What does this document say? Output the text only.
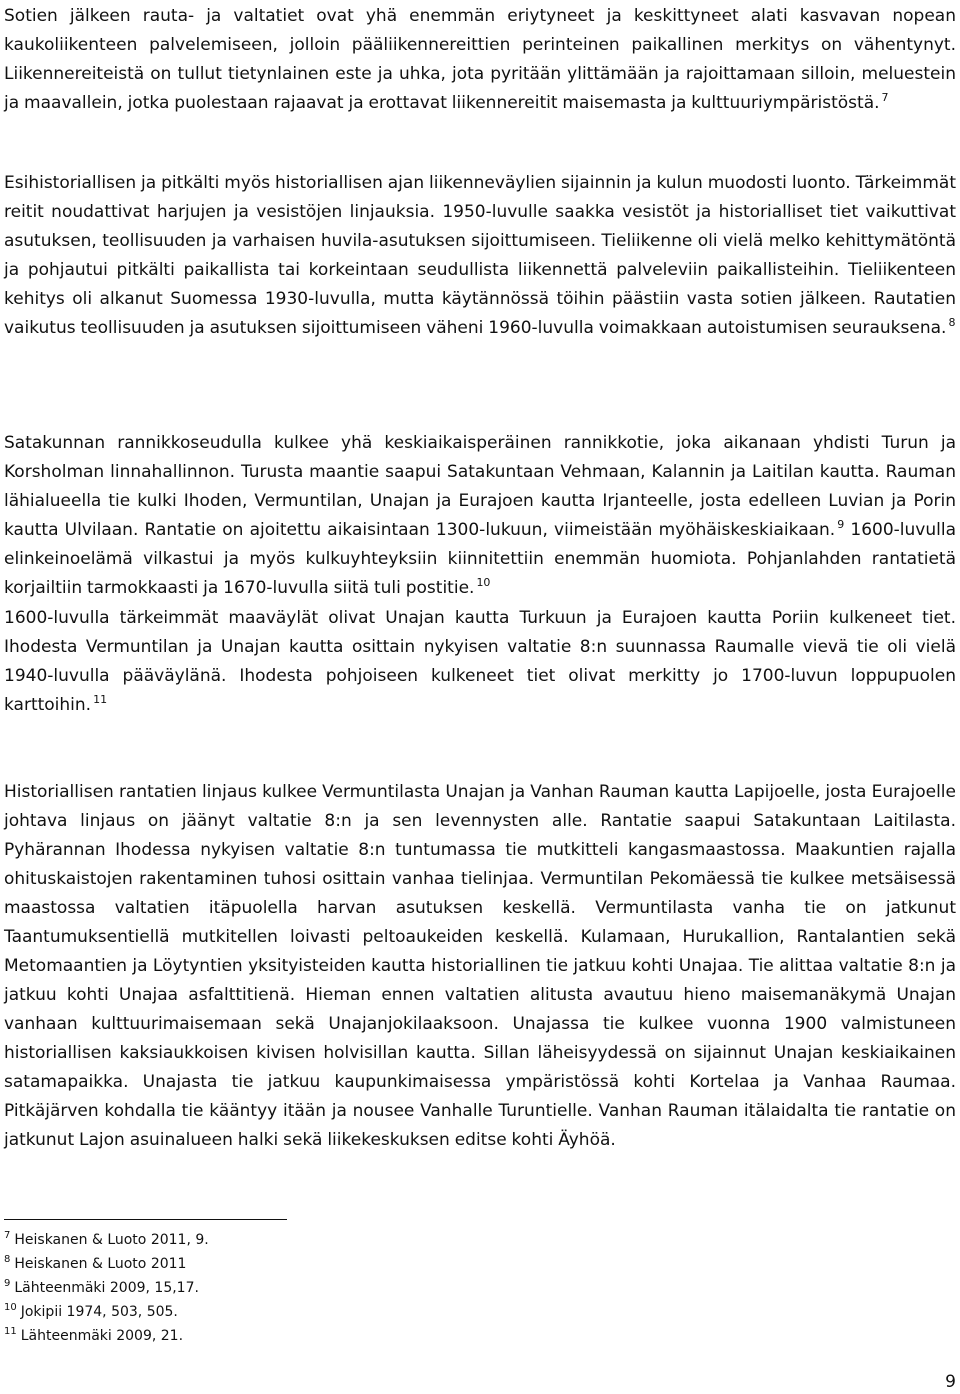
Sotien jälkeen rauta- ja valtatiet ovat yhä enemmän eriytyneet ja keskittyneet alati kasvavan nopean kaukoliikenteen palvelemiseen, jolloin pääliikennereittien perinteinen paikallinen merkitys on vähentynyt. Liikennereiteistä on tullut tietynlainen este ja uhka, jota pyritään ylittämään ja rajoittamaan silloin, meluestein ja maavallein, jotka puolestaan rajaavat ja erottavat liikennereitit maisemasta ja kulttuuriympäristöstä. $^7$

Esihistoriallisen ja pitkälti myös historiallisen ajan liikenneväylien sijainnin ja kulun muodosti luonto. Tärkeimmät reitit noudattivat harjujen ja vesistöjen linjauksia. 1950-luvulle saakka vesistöt ja historialliset tiet vaikuttivat asutuksen, teollisuuden ja varhaisen huvila-asutuksen sijoittumiseen. Tieliikenne oli vielä melko kehittymätöntä ja pohjautui pitkälti paikallista tai korkeintaan seudullista liikennettä palveleviin paikallisteihin. Tieliikenteen kehitys oli alkanut Suomessa 1930-luvulla, mutta käytännössä töihin päästiin vasta sotien jälkeen. Rautatien vaikutus teollisuuden ja asutuksen sijoittumiseen väheni 1960-luvulla voimakkaan autoistumisen seurauksena. $^8$

Satakunnan rannikkoseudulla kulkee yhä keskiaikaisperäinen rannikkotie, joka aikanaan yhdisti Turun ja Korsholman linnahallinnon. Turusta maantie saapui Satakuntaan Vehmaan, Kalannin ja Laitilan kautta. Rauman lähialueella tie kulki Ihoden, Vermuntilan, Unajan ja Eurajoen kautta Irjanteelle, josta edelleen Luvian ja Porin kautta Ulvilaan. Rantatie on ajoitettu aikaisintaan 1300-lukuun, viimeistään myöhäiskeskiaikaan. $^9$ 1600-luvulla elinkeinoelämä vilkastui ja myös kulkuyhteyksiin kiinnitettiin enemmän huomiota. Pohjanlahden rantatietä korjailtiin tarmokkaasti ja 1670-luvulla siitä tuli postitie. $^{10}$

1600-luvulla tärkeimmät maaväylät olivat Unajan kautta Turkuun ja Eurajoen kautta Poriin kulkeneet tiet. Ihodesta Vermuntilan ja Unajan kautta osittain nykyisen valtatie 8:n suunnassa Raumalle vievä tie oli vielä 1940-luvulla pääväylänä. Ihodesta pohjoiseen kulkeneet tiet olivat merkitty jo 1700-luvun loppupuolen karttoihin. $^{11}$

Historiallisen rantatien linjaus kulkee Vermuntilasta Unajan ja Vanhan Rauman kautta Lapijoelle, josta Eurajoelle johtava linjaus on jäänyt valtatie 8:n ja sen levennysten alle. Rantatie saapui Satakuntaan Laitilasta. Pyhärannan Ihodessa nykyisen valtatie 8:n tuntumassa tie mutkitteli kangasmaastossa. Maakuntien rajalla ohituskaistojen rakentaminen tuhosi osittain vanhaa tielinjaa. Vermuntilan Pekomäessä tie kulkee metsäisessä maastossa valtatien itäpuolella harvan asutuksen keskellä. Vermuntilasta vanha tie on jatkunut Taantumuksentiellä mutkitellen loivasti peltoaukeiden keskellä. Kulamaan, Hurukallion, Rantalantien sekä Metomaantien ja Löytyntien yksityisteiden kautta historiallinen tie jatkuu kohti Unajaa. Tie alittaa valtatie 8:n ja jatkuu kohti Unajaa asfalttitienä. Hieman ennen valtatien alitusta avautuu hieno maisemanäkymä Unajan vanhaan kulttuurimaisemaan sekä Unajanjokilaaksoon. Unajassa tie kulkee vuonna 1900 valmistuneen historiallisen kaksiaukkoisen kivisen holvisillan kautta. Sillan läheisyydessä on sijainnut Unajan keskiaikainen satamapaikka. Unajasta tie jatkuu kaupunkimaisessa ympäristössä kohti Kortelaa ja Vanhaa Raumaa. Pitkäjärven kohdalla tie kääntyy itään ja nousee Vanhalle Turuntielle. Vanhan Rauman itälaidalta tie rantatie on jatkunut Lajon asuinalueen halki sekä liikekeskuksen editse kohti Äyhöä.

$^7$ Heiskanen & Luoto 2011, 9.
$^8$ Heiskanen & Luoto 2011
$^9$ Lähteenmäki 2009, 15,17.
$^{10}$ Jokipii 1974, 503, 505.
$^{11}$ Lähteenmäki 2009, 21.
9
